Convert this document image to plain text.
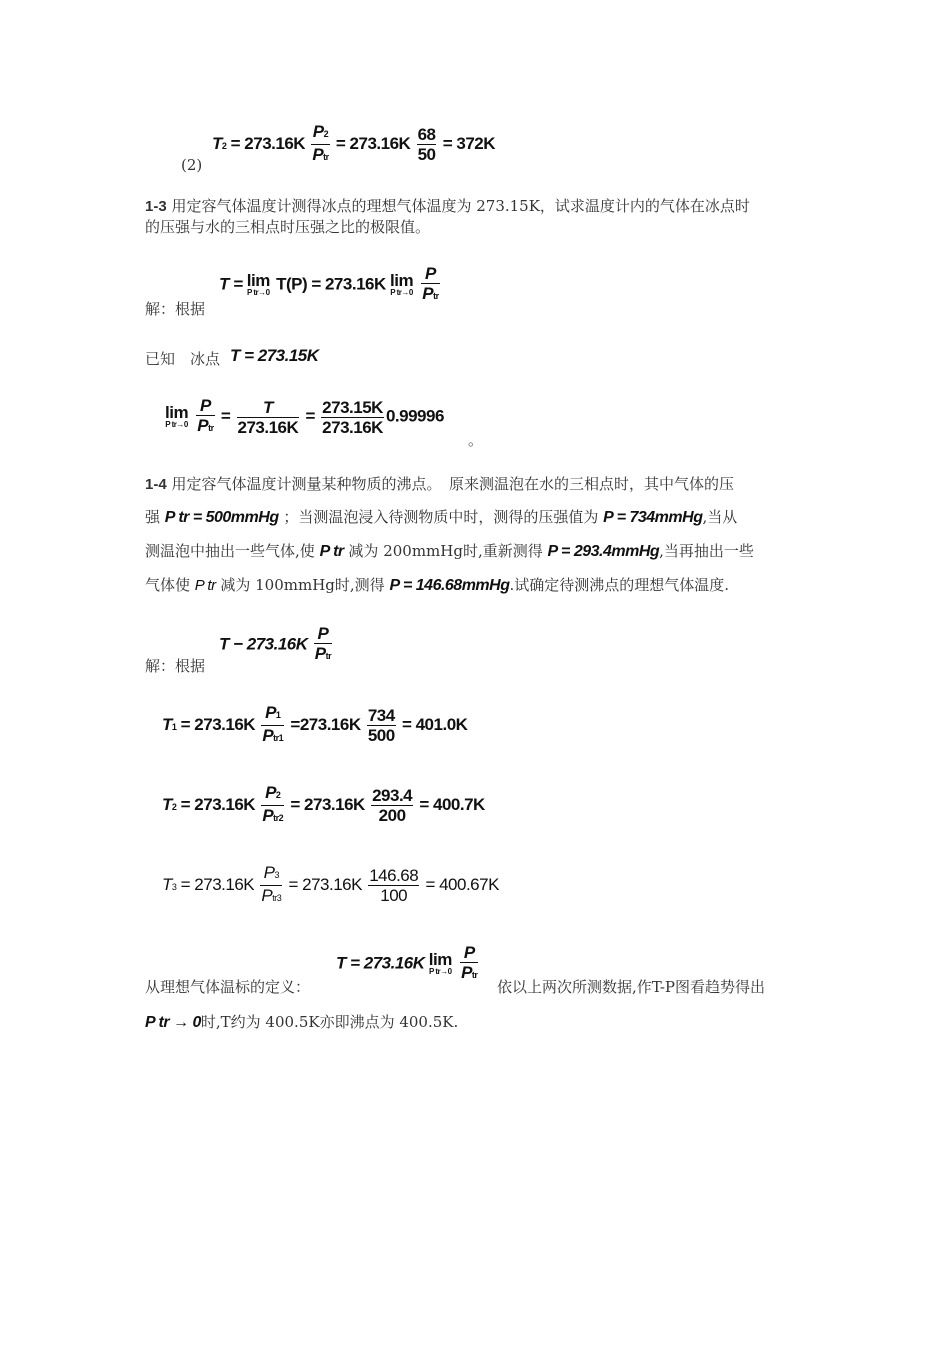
(2)
$T2 = 273.16K \frac{P2}{\text{Ptr}} = 273.16K \frac{68}{50} = 372K$
1-3 用定容气体温度计测得冰点的理想气体温度为 273.15K，试求温度计内的气体在冰点时
的压强与水的三相点时压强之比的极限值。
解：根据
T = lim
P tr→0 T(P) = 273.16K lim
P tr→0
$\frac{P}{\text{Ptr}}$
已知　冰点 T = 273.15K
lim
P tr→0
$\frac{P}{\text{Ptr}} = \frac{T}{273.16K} = \frac{273.15K}{273.16K} 0.99996$
。
1-4 用定容气体温度计测量某种物质的沸点。　原来测温泡在水的三相点时，其中气体的压
强 P tr = 500mmHg ；当测温泡浸入待测物质中时，测得的压强值为 P = 734mmHg,当从
测温泡中抽出一些气体,使 P tr 减为 200mmHg时,重新测得 P = 293.4mmHg,当再抽出一些
气体使 P tr 减为 100mmHg时,测得 P = 146.68mmHg.试确定待测沸点的理想气体温度.
解：根据
$T - 273.16K \frac{P}{\text{Ptr}}$
$T1 = 273.16K \frac{P1}{\text{Ptr1}} =273.16K \frac{734}{500} = 401.0K$
$T2 = 273.16K \frac{P2}{\text{Ptr2}} = 273.16K \frac{293.4}{200} = 400.7K$
$T3 = 273.16K \frac{P3}{\text{Ptr3}} = 273.16K \frac{146.68}{100} = 400.67K$
从理想气体温标的定义：
T = 273.16K lim
P tr→0
$\frac{P}{\text{Ptr}}$
依以上两次所测数据,作T-P图看趋势得出
P tr → 0时,T约为 400.5K亦即沸点为 400.5K.
